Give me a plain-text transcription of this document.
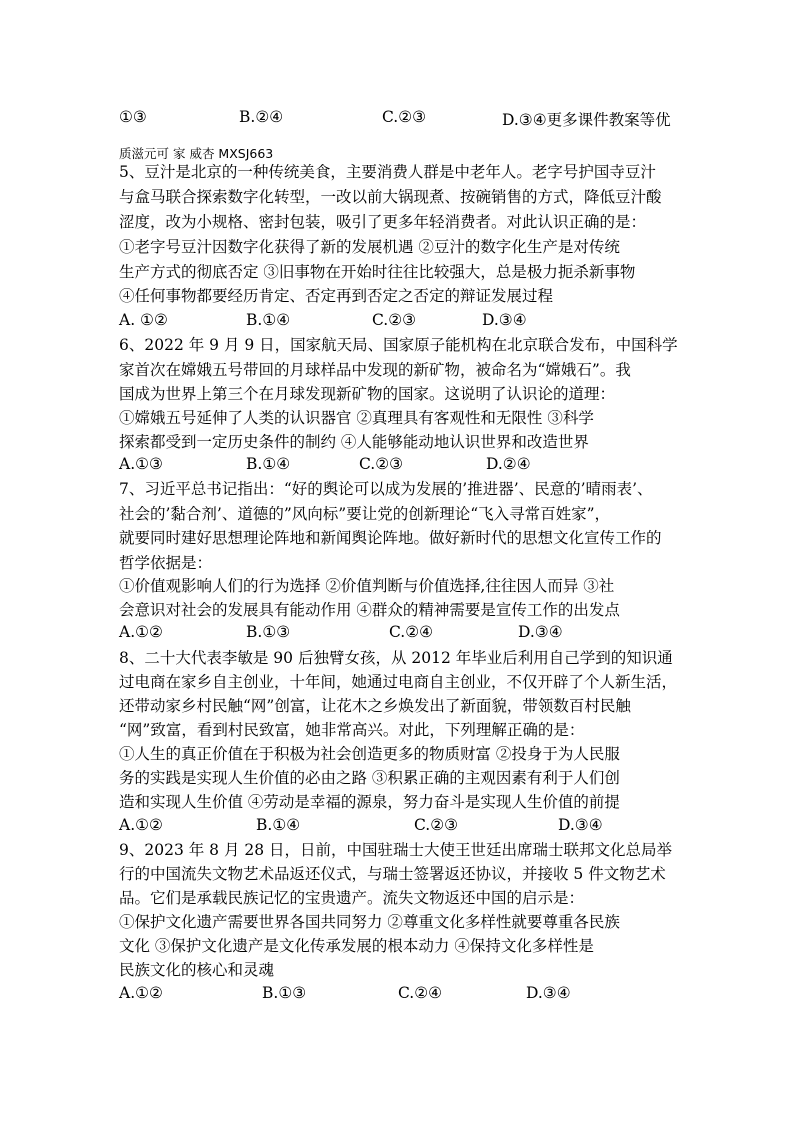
①③	B.②④	C.②③	D.③④更多课件教案等优
质滋元可 家 威杏 MXSJ663
5、豆汁是北京的一种传统美食，主要消费人群是中老年人。老字号护国寺豆汁
与盒马联合探索数字化转型，一改以前大锅现煮、按碗销售的方式，降低豆汁酸
涩度，改为小规格、密封包装，吸引了更多年轻消费者。对此认识正确的是：
①老字号豆汁因数字化获得了新的发展机遇 ②豆汁的数字化生产是对传统
生产方式的彻底否定 ③旧事物在开始时往往比较强大，总是极力扼杀新事物
④任何事物都要经历肯定、否定再到否定之否定的辩证发展过程
A. ①②	B.①④	C.②③	D.③④
6、2022 年 9 月 9 日，国家航天局、国家原子能机构在北京联合发布，中国科学
家首次在嫦娥五号带回的月球样品中发现的新矿物，被命名为“嫦娥石”。我
国成为世界上第三个在月球发现新矿物的国家。这说明了认识论的道理：
①嫦娥五号延伸了人类的认识器官 ②真理具有客观性和无限性 ③科学
探索都受到一定历史条件的制约 ④人能够能动地认识世界和改造世界
A.①③	B.①④	C.②③	D.②④
7、习近平总书记指出：“好的舆论可以成为发展的’推进器’、民意的’晴雨表’、
社会的’黏合剂’、道德的”风向标”要让党的创新理论“飞入寻常百姓家”，
就要同时建好思想理论阵地和新闻舆论阵地。做好新时代的思想文化宣传工作的
哲学依据是：
①价值观影响人们的行为选择 ②价值判断与价值选择,往往因人而异 ③社
会意识对社会的发展具有能动作用 ④群众的精神需要是宣传工作的出发点
A.①②	B.①③	C.②④	D.③④
8、二十大代表李敏是 90 后独臂女孩，从 2012 年毕业后利用自己学到的知识通
过电商在家乡自主创业，十年间，她通过电商自主创业，不仅开辟了个人新生活，
还带动家乡村民触“网”创富，让花木之乡焕发出了新面貌，带领数百村民触
“网”致富，看到村民致富，她非常高兴。对此，下列理解正确的是：
①人生的真正价值在于积极为社会创造更多的物质财富 ②投身于为人民服
务的实践是实现人生价值的必由之路 ③积累正确的主观因素有利于人们创
造和实现人生价值 ④劳动是幸福的源泉，努力奋斗是实现人生价值的前提
A.①②	B.①④	C.②③	D.③④
9、2023 年 8 月 28 日，日前，中国驻瑞士大使王世廷出席瑞士联邦文化总局举
行的中国流失文物艺术品返还仪式，与瑞士签署返还协议，并接收 5 件文物艺术
品。它们是承载民族记忆的宝贵遗产。流失文物返还中国的启示是：
①保护文化遗产需要世界各国共同努力 ②尊重文化多样性就要尊重各民族
文化 ③保护文化遗产是文化传承发展的根本动力 ④保持文化多样性是
民族文化的核心和灵魂
A.①②	B.①③	C.②④	D.③④
